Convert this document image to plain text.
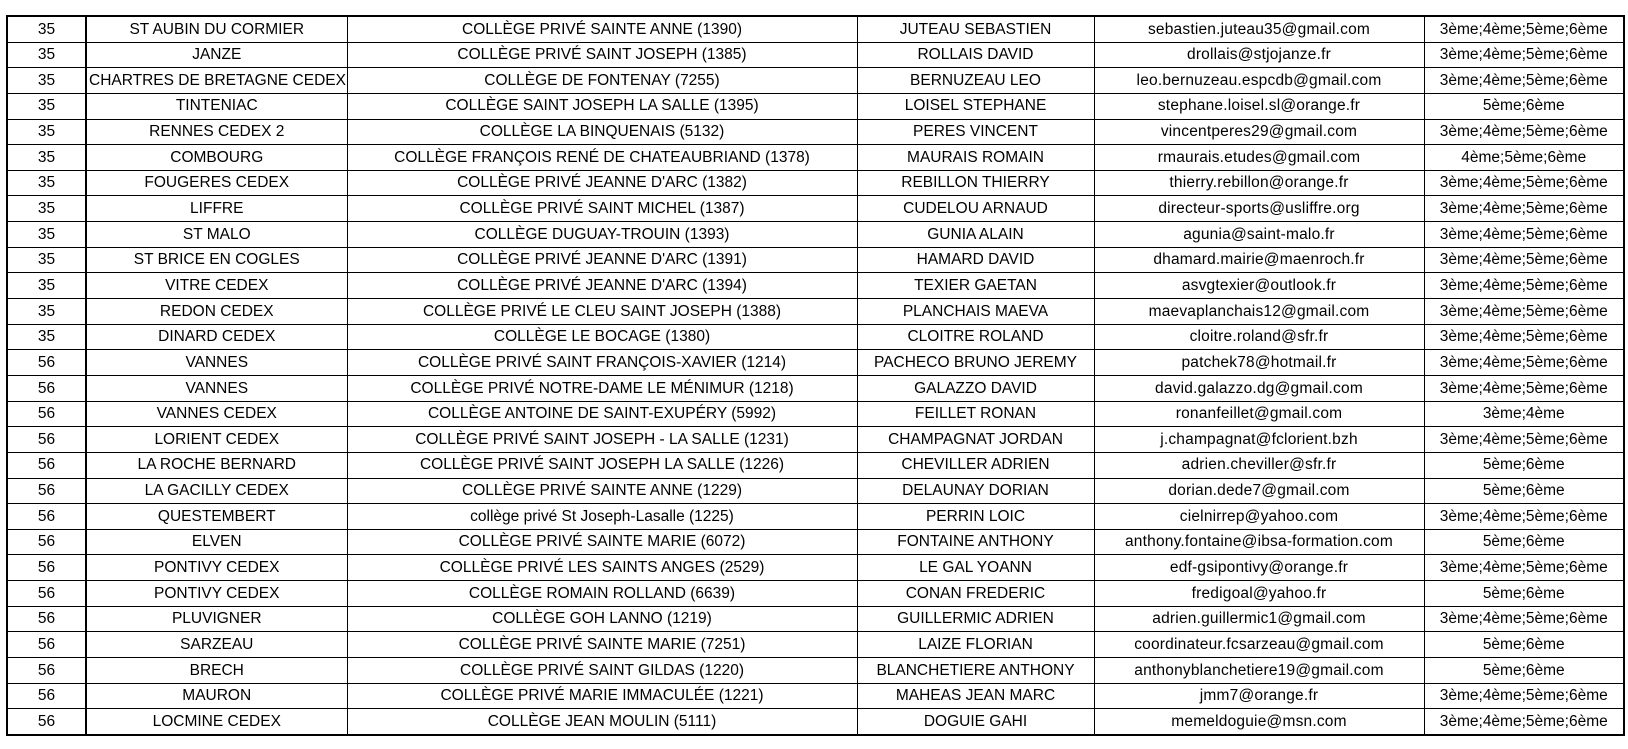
35	ST AUBIN DU CORMIER	COLLÈGE PRIVÉ SAINTE ANNE (1390)	JUTEAU SEBASTIEN	sebastien.juteau35@gmail.com	3ème;4ème;5ème;6ème
35	JANZE	COLLÈGE PRIVÉ SAINT JOSEPH (1385)	ROLLAIS DAVID	drollais@stjojanze.fr	3ème;4ème;5ème;6ème
35	CHARTRES DE BRETAGNE CEDEX	COLLÈGE DE FONTENAY (7255)	BERNUZEAU LEO	leo.bernuzeau.espcdb@gmail.com	3ème;4ème;5ème;6ème
35	TINTENIAC	COLLÈGE SAINT JOSEPH LA SALLE (1395)	LOISEL STEPHANE	stephane.loisel.sl@orange.fr	5ème;6ème
35	RENNES CEDEX 2	COLLÈGE LA BINQUENAIS (5132)	PERES VINCENT	vincentperes29@gmail.com	3ème;4ème;5ème;6ème
35	COMBOURG	COLLÈGE FRANÇOIS RENÉ DE CHATEAUBRIAND (1378)	MAURAIS ROMAIN	rmaurais.etudes@gmail.com	4ème;5ème;6ème
35	FOUGERES CEDEX	COLLÈGE PRIVÉ JEANNE D'ARC (1382)	REBILLON THIERRY	thierry.rebillon@orange.fr	3ème;4ème;5ème;6ème
35	LIFFRE	COLLÈGE PRIVÉ SAINT MICHEL (1387)	CUDELOU ARNAUD	directeur-sports@usliffre.org	3ème;4ème;5ème;6ème
35	ST MALO	COLLÈGE DUGUAY-TROUIN (1393)	GUNIA ALAIN	agunia@saint-malo.fr	3ème;4ème;5ème;6ème
35	ST BRICE EN COGLES	COLLÈGE PRIVÉ JEANNE D'ARC (1391)	HAMARD DAVID	dhamard.mairie@maenroch.fr	3ème;4ème;5ème;6ème
35	VITRE CEDEX	COLLÈGE PRIVÉ JEANNE D'ARC (1394)	TEXIER GAETAN	asvgtexier@outlook.fr	3ème;4ème;5ème;6ème
35	REDON CEDEX	COLLÈGE PRIVÉ LE CLEU SAINT JOSEPH (1388)	PLANCHAIS MAEVA	maevaplanchais12@gmail.com	3ème;4ème;5ème;6ème
35	DINARD CEDEX	COLLÈGE LE BOCAGE (1380)	CLOITRE ROLAND	cloitre.roland@sfr.fr	3ème;4ème;5ème;6ème
56	VANNES	COLLÈGE PRIVÉ SAINT FRANÇOIS-XAVIER (1214)	PACHECO BRUNO JEREMY	patchek78@hotmail.fr	3ème;4ème;5ème;6ème
56	VANNES	COLLÈGE PRIVÉ NOTRE-DAME LE MÉNIMUR (1218)	GALAZZO DAVID	david.galazzo.dg@gmail.com	3ème;4ème;5ème;6ème
56	VANNES CEDEX	COLLÈGE ANTOINE DE SAINT-EXUPÉRY (5992)	FEILLET RONAN	ronanfeillet@gmail.com	3ème;4ème
56	LORIENT CEDEX	COLLÈGE PRIVÉ SAINT JOSEPH - LA SALLE (1231)	CHAMPAGNAT JORDAN	j.champagnat@fclorient.bzh	3ème;4ème;5ème;6ème
56	LA ROCHE BERNARD	COLLÈGE PRIVÉ SAINT JOSEPH LA SALLE (1226)	CHEVILLER ADRIEN	adrien.cheviller@sfr.fr	5ème;6ème
56	LA GACILLY CEDEX	COLLÈGE PRIVÉ SAINTE ANNE (1229)	DELAUNAY DORIAN	dorian.dede7@gmail.com	5ème;6ème
56	QUESTEMBERT	collège privé St Joseph-Lasalle (1225)	PERRIN LOIC	cielnirrep@yahoo.com	3ème;4ème;5ème;6ème
56	ELVEN	COLLÈGE PRIVÉ SAINTE MARIE (6072)	FONTAINE ANTHONY	anthony.fontaine@ibsa-formation.com	5ème;6ème
56	PONTIVY CEDEX	COLLÈGE PRIVÉ LES SAINTS ANGES (2529)	LE GAL YOANN	edf-gsipontivy@orange.fr	3ème;4ème;5ème;6ème
56	PONTIVY CEDEX	COLLÈGE ROMAIN ROLLAND (6639)	CONAN FREDERIC	fredigoal@yahoo.fr	5ème;6ème
56	PLUVIGNER	COLLÈGE GOH LANNO (1219)	GUILLERMIC ADRIEN	adrien.guillermic1@gmail.com	3ème;4ème;5ème;6ème
56	SARZEAU	COLLÈGE PRIVÉ SAINTE MARIE (7251)	LAIZE FLORIAN	coordinateur.fcsarzeau@gmail.com	5ème;6ème
56	BRECH	COLLÈGE PRIVÉ SAINT GILDAS (1220)	BLANCHETIERE ANTHONY	anthonyblanchetiere19@gmail.com	5ème;6ème
56	MAURON	COLLÈGE PRIVÉ MARIE IMMACULÉE (1221)	MAHEAS JEAN MARC	jmm7@orange.fr	3ème;4ème;5ème;6ème
56	LOCMINE CEDEX	COLLÈGE JEAN MOULIN (5111)	DOGUIE GAHI	memeldoguie@msn.com	3ème;4ème;5ème;6ème
